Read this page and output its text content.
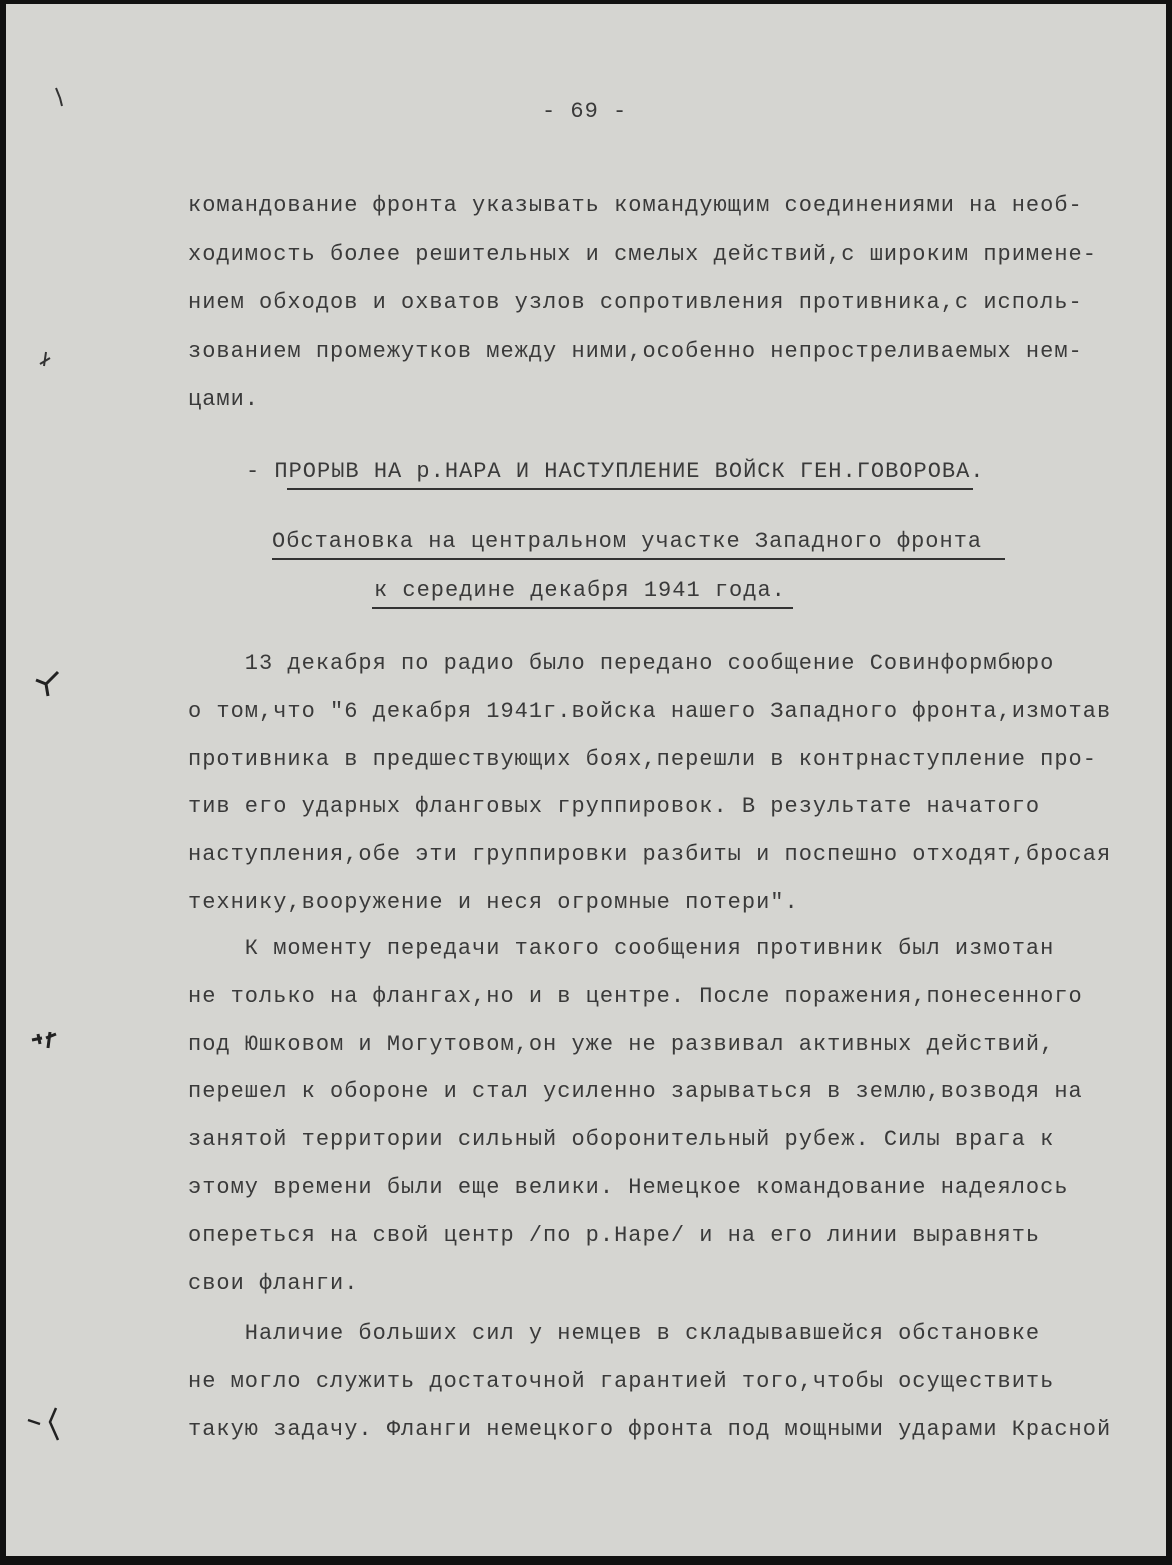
- 69 -
командование фронта указывать командующим соединениями на необ-
ходимость более решительных и смелых действий,с широким примене-
нием обходов и охватов узлов сопротивления противника,с исполь-
зованием промежутков между ними,особенно непростреливаемых нем-
цами.
- ПРОРЫВ НА р.НАРА И НАСТУПЛЕНИЕ ВОЙСК ГЕН.ГОВОРОВА.
Обстановка на центральном участке Западного фронта
к середине декабря 1941 года.
13 декабря по радио было передано сообщение Совинформбюро
о том,что "6 декабря 1941г.войска нашего Западного фронта,измотав
противника в предшествующих боях,перешли в контрнаступление про-
тив его ударных фланговых группировок. В результате начатого
наступления,обе эти группировки разбиты и поспешно отходят,бросая
технику,вооружение и неся огромные потери".
К моменту передачи такого сообщения противник был измотан
не только на флангах,но и в центре. После поражения,понесенного
под Юшковом и Могутовом,он уже не развивал активных действий,
перешел к обороне и стал усиленно зарываться в землю,возводя на
занятой территории сильный оборонительный рубеж. Силы врага к
этому времени были еще велики. Немецкое командование надеялось
опереться на свой центр /по р.Наре/ и на его линии выравнять
свои фланги.
Наличие больших сил у немцев в складывавшейся обстановке
не могло служить достаточной гарантией того,чтобы осуществить
такую задачу. Фланги немецкого фронта под мощными ударами Красной
